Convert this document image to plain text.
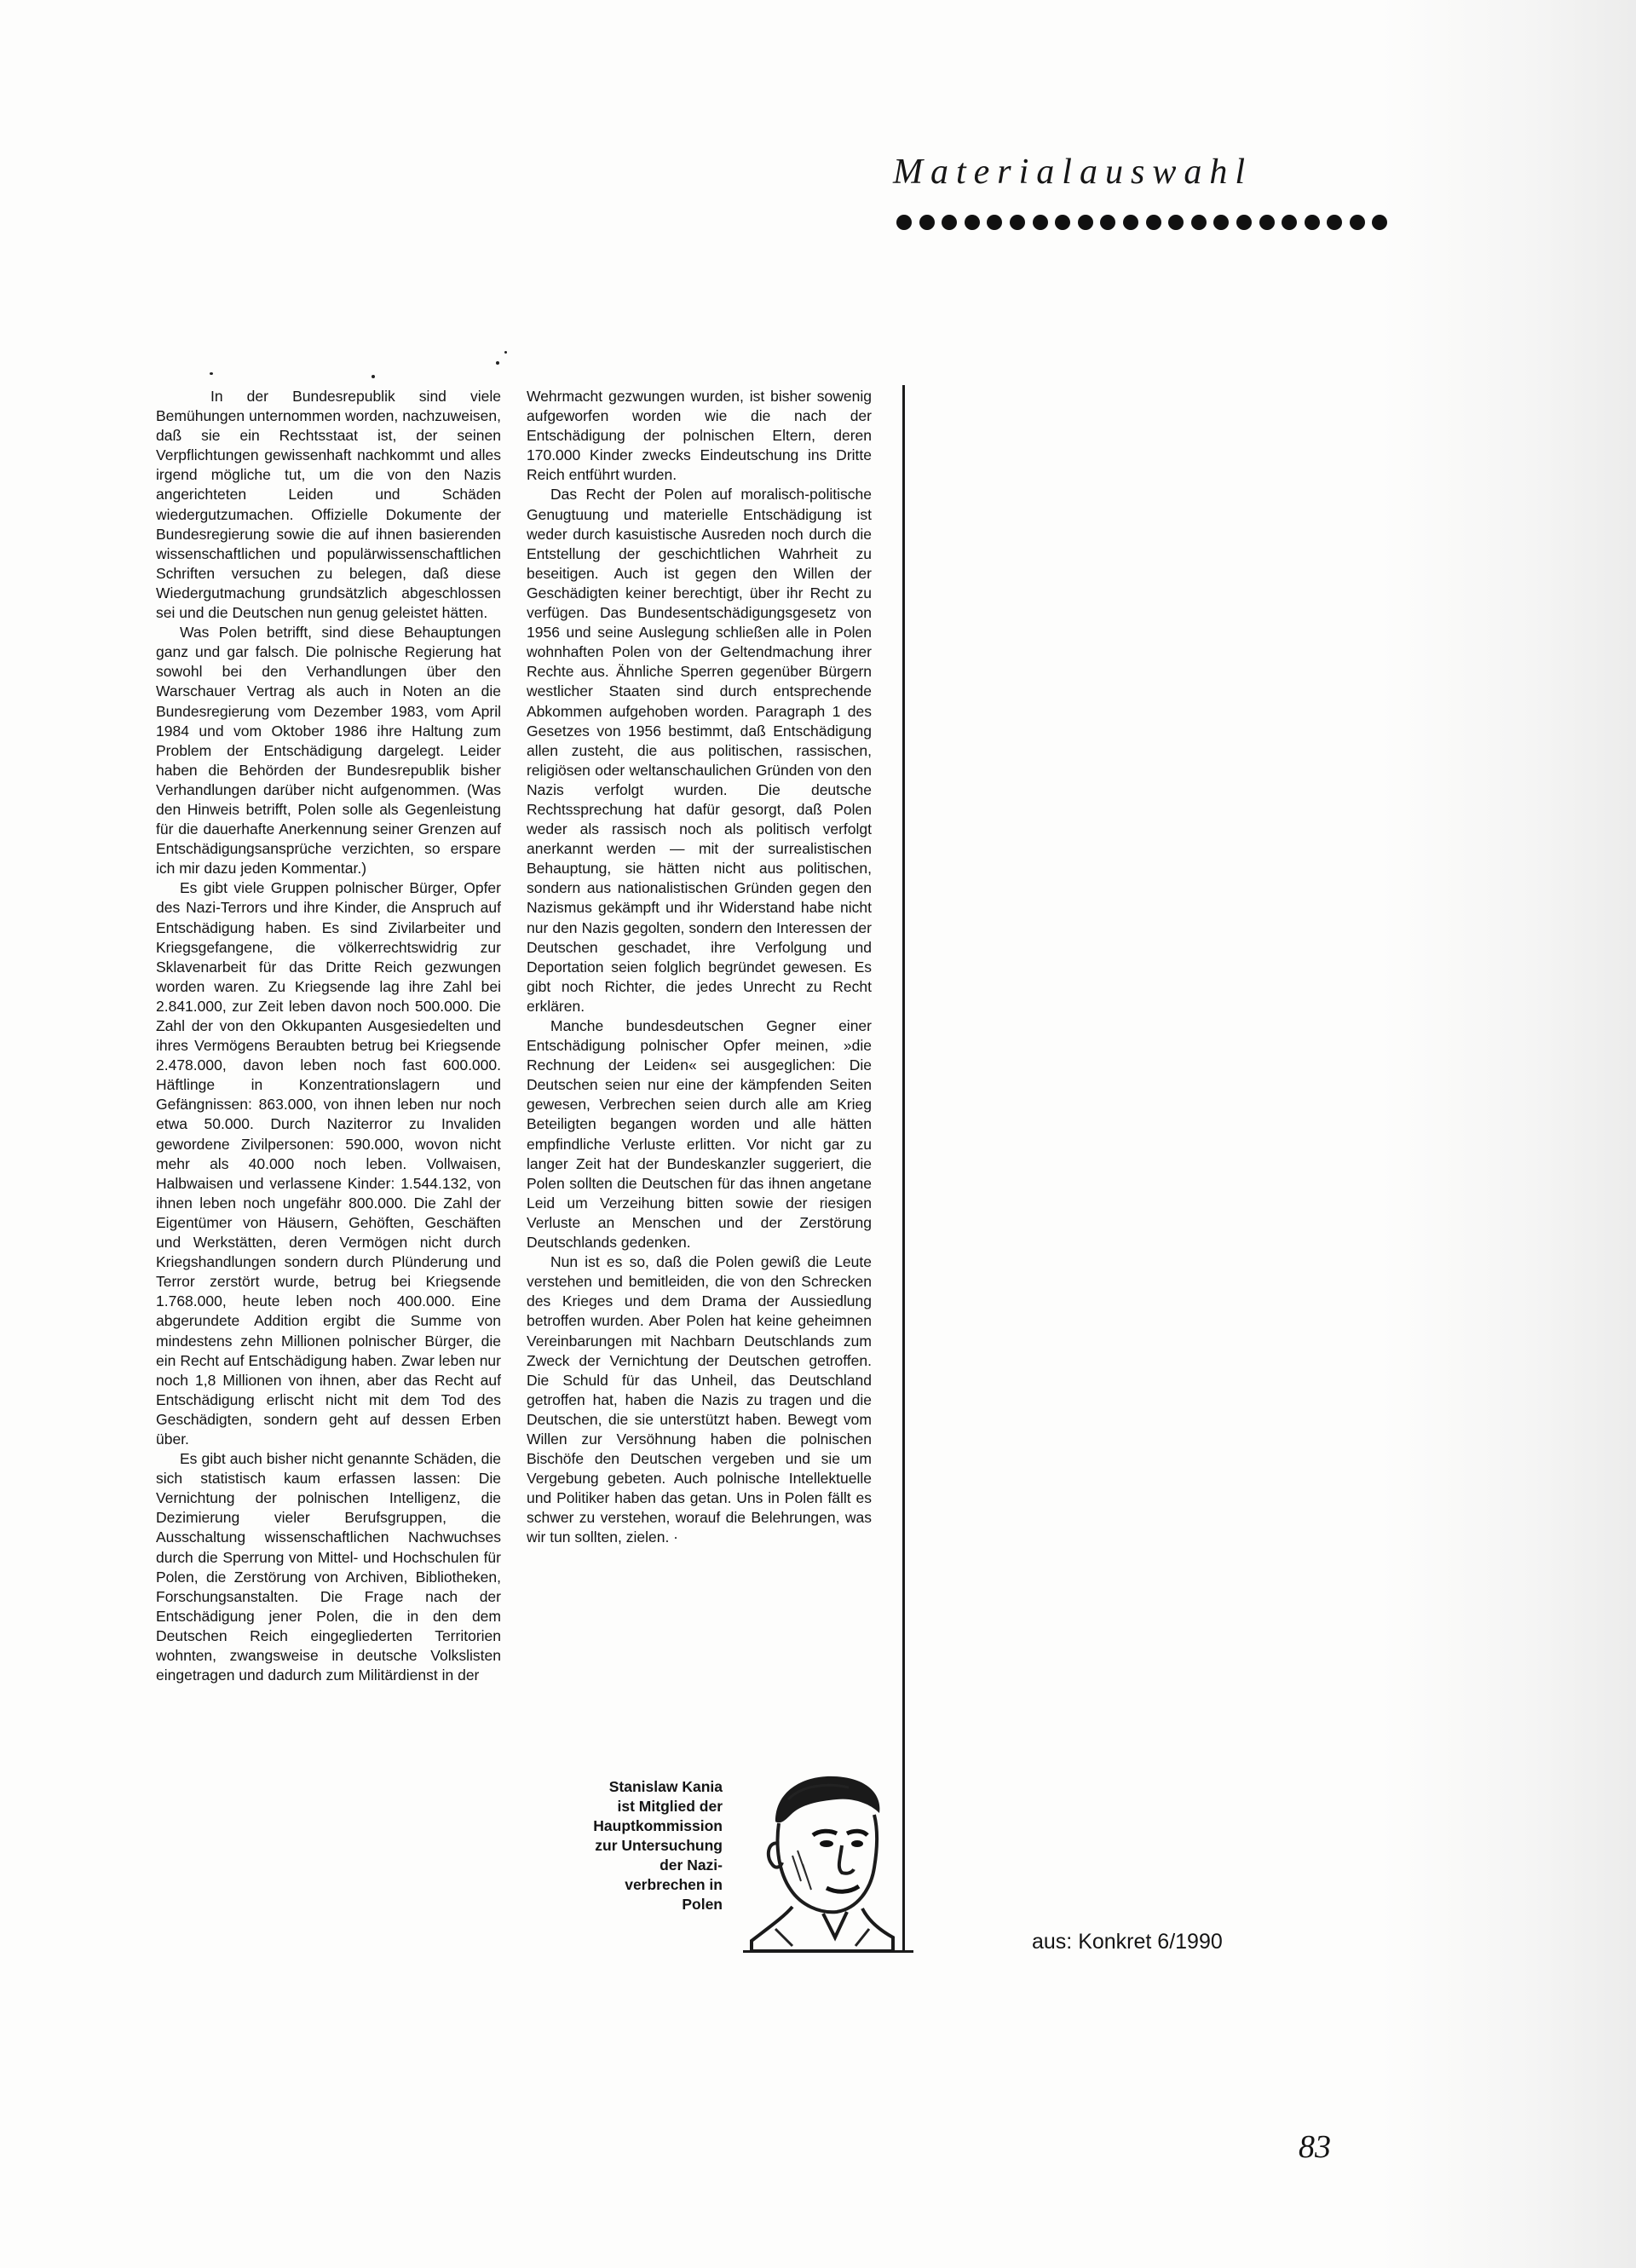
Materialauswahl

In der Bundesrepublik sind viele Bemühungen unternommen worden, nachzuweisen, daß sie ein Rechtsstaat ist, der seinen Verpflichtungen gewissenhaft nachkommt und alles irgend mögliche tut, um die von den Nazis angerichteten Leiden und Schäden wiedergutzumachen. Offizielle Dokumente der Bundesregierung sowie die auf ihnen basierenden wissenschaftlichen und populärwissenschaftlichen Schriften versuchen zu belegen, daß diese Wiedergutmachung grundsätzlich abgeschlossen sei und die Deutschen nun genug geleistet hätten.

Was Polen betrifft, sind diese Behauptungen ganz und gar falsch. Die polnische Regierung hat sowohl bei den Verhandlungen über den Warschauer Vertrag als auch in Noten an die Bundesregierung vom Dezember 1983, vom April 1984 und vom Oktober 1986 ihre Haltung zum Problem der Entschädigung dargelegt. Leider haben die Behörden der Bundesrepublik bisher Verhandlungen darüber nicht aufgenommen. (Was den Hinweis betrifft, Polen solle als Gegenleistung für die dauerhafte Anerkennung seiner Grenzen auf Entschädigungsansprüche verzichten, so erspare ich mir dazu jeden Kommentar.)

Es gibt viele Gruppen polnischer Bürger, Opfer des Nazi-Terrors und ihre Kinder, die Anspruch auf Entschädigung haben. Es sind Zivilarbeiter und Kriegsgefangene, die völkerrechtswidrig zur Sklavenarbeit für das Dritte Reich gezwungen worden waren. Zu Kriegsende lag ihre Zahl bei 2.841.000, zur Zeit leben davon noch 500.000. Die Zahl der von den Okkupanten Ausgesiedelten und ihres Vermögens Beraubten betrug bei Kriegsende 2.478.000, davon leben noch fast 600.000. Häftlinge in Konzentrationslagern und Gefängnissen: 863.000, von ihnen leben nur noch etwa 50.000. Durch Naziterror zu Invaliden gewordene Zivilpersonen: 590.000, wovon nicht mehr als 40.000 noch leben. Vollwaisen, Halbwaisen und verlassene Kinder: 1.544.132, von ihnen leben noch ungefähr 800.000. Die Zahl der Eigentümer von Häusern, Gehöften, Geschäften und Werkstätten, deren Vermögen nicht durch Kriegshandlungen sondern durch Plünderung und Terror zerstört wurde, betrug bei Kriegsende 1.768.000, heute leben noch 400.000. Eine abgerundete Addition ergibt die Summe von mindestens zehn Millionen polnischer Bürger, die ein Recht auf Entschädigung haben. Zwar leben nur noch 1,8 Millionen von ihnen, aber das Recht auf Entschädigung erlischt nicht mit dem Tod des Geschädigten, sondern geht auf dessen Erben über.

Es gibt auch bisher nicht genannte Schäden, die sich statistisch kaum erfassen lassen: Die Vernichtung der polnischen Intelligenz, die Dezimierung vieler Berufsgruppen, die Ausschaltung wissenschaftlichen Nachwuchses durch die Sperrung von Mittel- und Hochschulen für Polen, die Zerstörung von Archiven, Bibliotheken, Forschungsanstalten. Die Frage nach der Entschädigung jener Polen, die in den dem Deutschen Reich eingegliederten Territorien wohnten, zwangsweise in deutsche Volkslisten eingetragen und dadurch zum Militärdienst in der

Wehrmacht gezwungen wurden, ist bisher sowenig aufgeworfen worden wie die nach der Entschädigung der polnischen Eltern, deren 170.000 Kinder zwecks Eindeutschung ins Dritte Reich entführt wurden.

Das Recht der Polen auf moralisch-politische Genugtuung und materielle Entschädigung ist weder durch kasuistische Ausreden noch durch die Entstellung der geschichtlichen Wahrheit zu beseitigen. Auch ist gegen den Willen der Geschädigten keiner berechtigt, über ihr Recht zu verfügen. Das Bundesentschädigungsgesetz von 1956 und seine Auslegung schließen alle in Polen wohnhaften Polen von der Geltendmachung ihrer Rechte aus. Ähnliche Sperren gegenüber Bürgern westlicher Staaten sind durch entsprechende Abkommen aufgehoben worden. Paragraph 1 des Gesetzes von 1956 bestimmt, daß Entschädigung allen zusteht, die aus politischen, rassischen, religiösen oder weltanschaulichen Gründen von den Nazis verfolgt wurden. Die deutsche Rechtssprechung hat dafür gesorgt, daß Polen weder als rassisch noch als politisch verfolgt anerkannt werden — mit der surrealistischen Behauptung, sie hätten nicht aus politischen, sondern aus nationalistischen Gründen gegen den Nazismus gekämpft und ihr Widerstand habe nicht nur den Nazis gegolten, sondern den Interessen der Deutschen geschadet, ihre Verfolgung und Deportation seien folglich begründet gewesen. Es gibt noch Richter, die jedes Unrecht zu Recht erklären.

Manche bundesdeutschen Gegner einer Entschädigung polnischer Opfer meinen, »die Rechnung der Leiden« sei ausgeglichen: Die Deutschen seien nur eine der kämpfenden Seiten gewesen, Verbrechen seien durch alle am Krieg Beteiligten begangen worden und alle hätten empfindliche Verluste erlitten. Vor nicht gar zu langer Zeit hat der Bundeskanzler suggeriert, die Polen sollten die Deutschen für das ihnen angetane Leid um Verzeihung bitten sowie der riesigen Verluste an Menschen und der Zerstörung Deutschlands gedenken.

Nun ist es so, daß die Polen gewiß die Leute verstehen und bemitleiden, die von den Schrecken des Krieges und dem Drama der Aussiedlung betroffen wurden. Aber Polen hat keine geheimnen Vereinbarungen mit Nachbarn Deutschlands zum Zweck der Vernichtung der Deutschen getroffen. Die Schuld für das Unheil, das Deutschland getroffen hat, haben die Nazis zu tragen und die Deutschen, die sie unterstützt haben. Bewegt vom Willen zur Versöhnung haben die polnischen Bischöfe den Deutschen vergeben und sie um Vergebung gebeten. Auch polnische Intellektuelle und Politiker haben das getan. Uns in Polen fällt es schwer zu verstehen, worauf die Belehrungen, was wir tun sollten, zielen. ·

Stanislaw Kania
ist Mitglied der
Hauptkommission
zur Untersuchung
der Nazi-
verbrechen in
Polen
aus: Konkret 6/1990
83
